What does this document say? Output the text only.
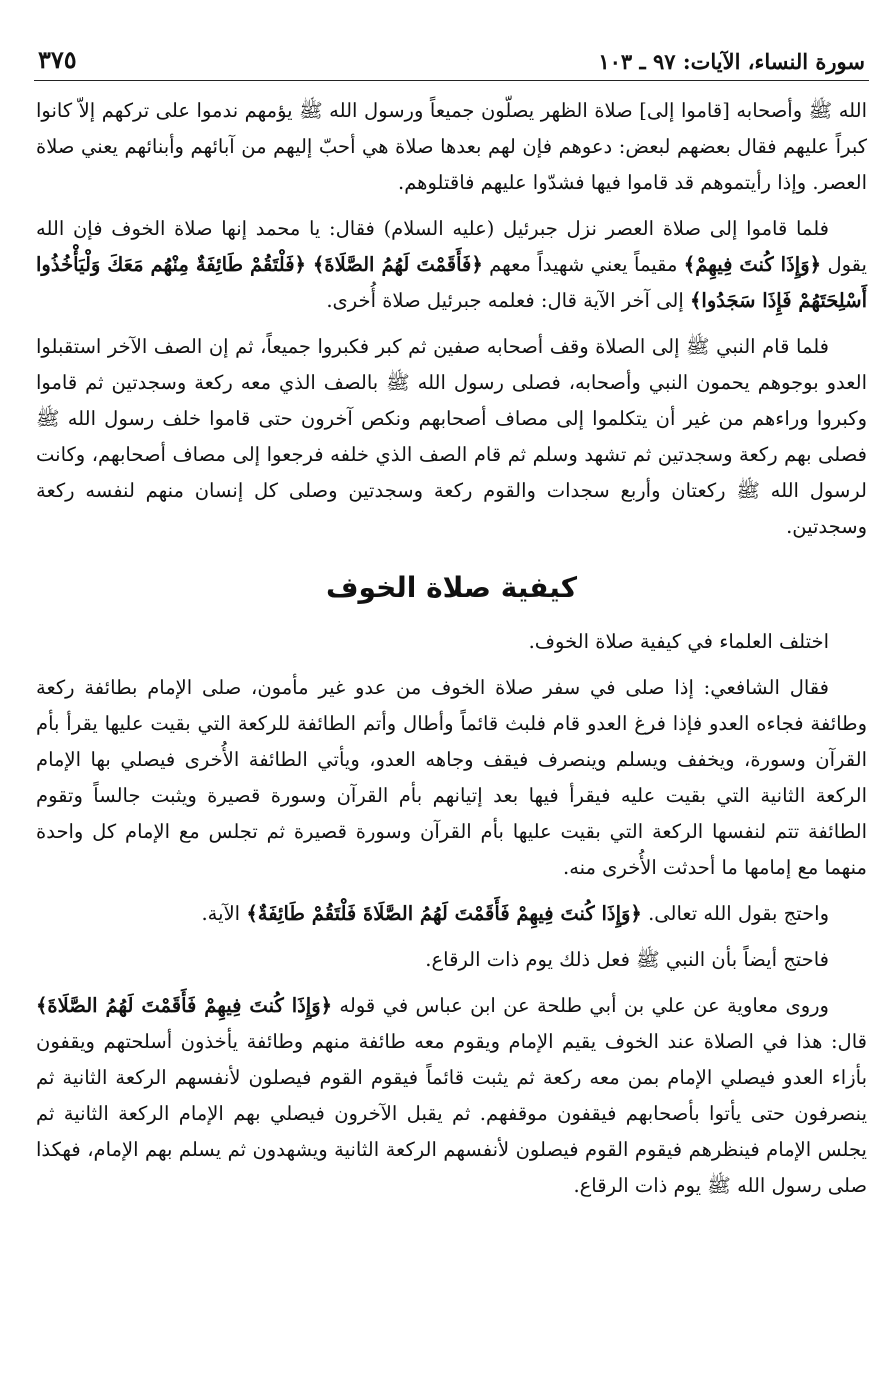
سورة النساء، الآيات: ٩٧ ـ ١٠٣
٣٧٥

الله ﷺ وأصحابه [قاموا إلى] صلاة الظهر يصلّون جميعاً ورسول الله ﷺ يؤمهم ندموا على تركهم إلاّ كانوا كبراً عليهم فقال بعضهم لبعض: دعوهم فإن لهم بعدها صلاة هي أحبّ إليهم من آبائهم وأبنائهم يعني صلاة العصر. وإذا رأيتموهم قد قاموا فيها فشدّوا عليهم فاقتلوهم.

فلما قاموا إلى صلاة العصر نزل جبرئيل (عليه السلام) فقال: يا محمد إنها صلاة الخوف فإن الله يقول ﴿وَإِذَا كُنتَ فِيهِمْ﴾ مقيماً يعني شهيداً معهم ﴿فَأَقَمْتَ لَهُمُ الصَّلَاةَ﴾ ﴿فَلْتَقُمْ طَائِفَةٌ مِنْهُم مَعَكَ وَلْيَأْخُذُوا أَسْلِحَتَهُمْ فَإِذَا سَجَدُوا﴾ إلى آخر الآية قال: فعلمه جبرئيل صلاة أُخرى.

فلما قام النبي ﷺ إلى الصلاة وقف أصحابه صفين ثم كبر فكبروا جميعاً، ثم إن الصف الآخر استقبلوا العدو بوجوهم يحمون النبي وأصحابه، فصلى رسول الله ﷺ بالصف الذي معه ركعة وسجدتين ثم قاموا وكبروا وراءهم من غير أن يتكلموا إلى مصاف أصحابهم ونكص آخرون حتى قاموا خلف رسول الله ﷺ فصلى بهم ركعة وسجدتين ثم تشهد وسلم ثم قام الصف الذي خلفه فرجعوا إلى مصاف أصحابهم، وكانت لرسول الله ﷺ ركعتان وأربع سجدات والقوم ركعة وسجدتين وصلى كل إنسان منهم لنفسه ركعة وسجدتين.

كيفية صلاة الخوف

اختلف العلماء في كيفية صلاة الخوف.

فقال الشافعي: إذا صلى في سفر صلاة الخوف من عدو غير مأمون، صلى الإمام بطائفة ركعة وطائفة فجاءه العدو فإذا فرغ العدو قام فلبث قائماً وأطال وأتم الطائفة للركعة التي بقيت عليها يقرأ بأم القرآن وسورة، ويخفف ويسلم وينصرف فيقف وجاهه العدو، ويأتي الطائفة الأُخرى فيصلي بها الإمام الركعة الثانية التي بقيت عليه فيقرأ فيها بعد إتيانهم بأم القرآن وسورة قصيرة ويثبت جالساً وتقوم الطائفة تتم لنفسها الركعة التي بقيت عليها بأم القرآن وسورة قصيرة ثم تجلس مع الإمام كل واحدة منهما مع إمامها ما أحدثت الأُخرى منه.

واحتج بقول الله تعالى. ﴿وَإِذَا كُنتَ فِيهِمْ فَأَقَمْتَ لَهُمُ الصَّلَاةَ فَلْتَقُمْ طَائِفَةٌ﴾ الآية.

فاحتج أيضاً بأن النبي ﷺ فعل ذلك يوم ذات الرقاع.

وروى معاوية عن علي بن أبي طلحة عن ابن عباس في قوله ﴿وَإِذَا كُنتَ فِيهِمْ فَأَقَمْتَ لَهُمُ الصَّلَاةَ﴾ قال: هذا في الصلاة عند الخوف يقيم الإمام ويقوم معه طائفة منهم وطائفة يأخذون أسلحتهم ويقفون بأزاء العدو فيصلي الإمام بمن معه ركعة ثم يثبت قائماً فيقوم القوم فيصلون لأنفسهم الركعة الثانية ثم ينصرفون حتى يأتوا بأصحابهم فيقفون موقفهم. ثم يقبل الآخرون فيصلي بهم الإمام الركعة الثانية ثم يجلس الإمام فينظرهم فيقوم القوم فيصلون لأنفسهم الركعة الثانية ويشهدون ثم يسلم بهم الإمام، فهكذا صلى رسول الله ﷺ يوم ذات الرقاع.
